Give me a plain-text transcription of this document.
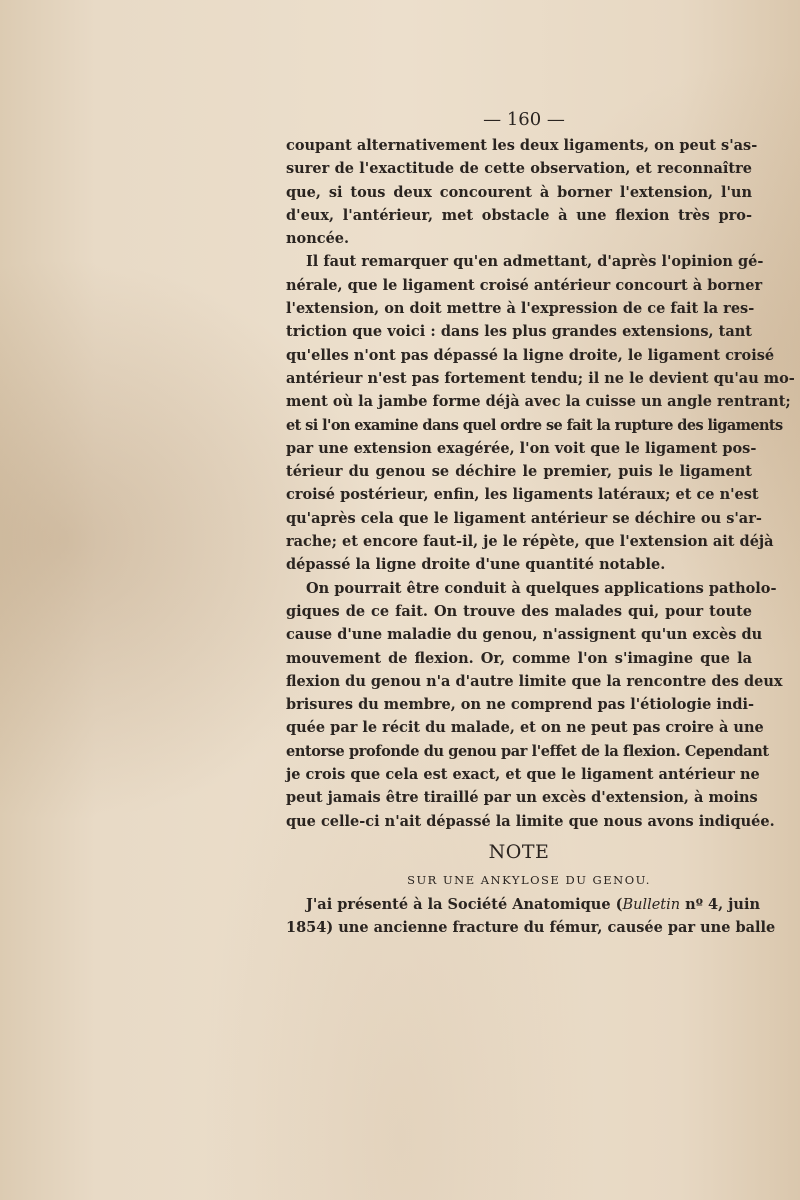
— 160 —
coupant alternativement les deux ligaments, on peut s'as-
surer de l'exactitude de cette observation, et reconnaître
que, si tous deux concourent à borner l'extension, l'un
d'eux, l'antérieur, met obstacle à une flexion très pro-
noncée.
Il faut remarquer qu'en admettant, d'après l'opinion gé-
nérale, que le ligament croisé antérieur concourt à borner
l'extension, on doit mettre à l'expression de ce fait la res-
triction que voici : dans les plus grandes extensions, tant
qu'elles n'ont pas dépassé la ligne droite, le ligament croisé
antérieur n'est pas fortement tendu; il ne le devient qu'au mo-
ment où la jambe forme déjà avec la cuisse un angle rentrant;
et si l'on examine dans quel ordre se fait la rupture des ligaments
par une extension exagérée, l'on voit que le ligament pos-
térieur du genou se déchire le premier, puis le ligament
croisé postérieur, enfin, les ligaments latéraux; et ce n'est
qu'après cela que le ligament antérieur se déchire ou s'ar-
rache; et encore faut-il, je le répète, que l'extension ait déjà
dépassé la ligne droite d'une quantité notable.
On pourrait être conduit à quelques applications patholo-
giques de ce fait. On trouve des malades qui, pour toute
cause d'une maladie du genou, n'assignent qu'un excès du
mouvement de flexion. Or, comme l'on s'imagine que la
flexion du genou n'a d'autre limite que la rencontre des deux
brisures du membre, on ne comprend pas l'étiologie indi-
quée par le récit du malade, et on ne peut pas croire à une
entorse profonde du genou par l'effet de la flexion. Cependant
je crois que cela est exact, et que le ligament antérieur ne
peut jamais être tiraillé par un excès d'extension, à moins
que celle-ci n'ait dépassé la limite que nous avons indiquée.
NOTE
SUR UNE ANKYLOSE DU GENOU.
J'ai présenté à la Société Anatomique (Bulletin nº 4, juin
1854) une ancienne fracture du fémur, causée par une balle
